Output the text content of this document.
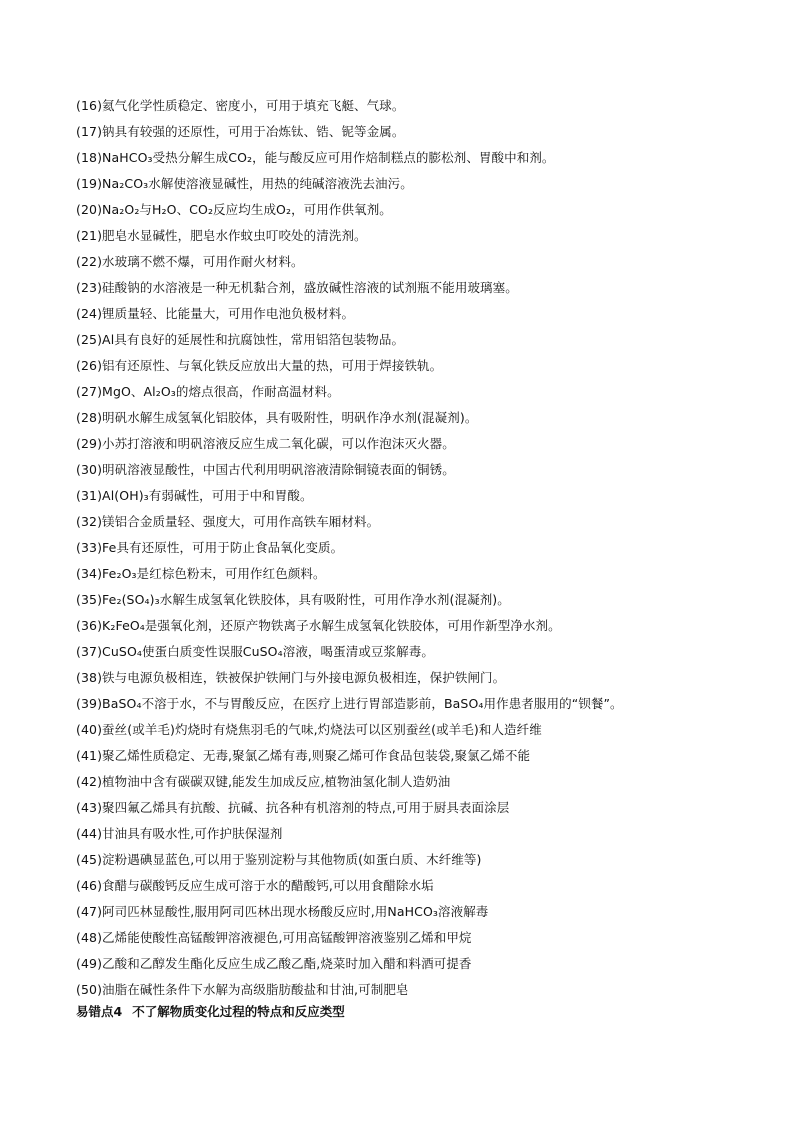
(16)氦气化学性质稳定、密度小，可用于填充飞艇、气球。
(17)钠具有较强的还原性，可用于冶炼钛、锆、铌等金属。
(18)NaHCO₃受热分解生成CO₂，能与酸反应可用作焙制糕点的膨松剂、胃酸中和剂。
(19)Na₂CO₃水解使溶液显碱性，用热的纯碱溶液洗去油污。
(20)Na₂O₂与H₂O、CO₂反应均生成O₂，可用作供氧剂。
(21)肥皂水显碱性，肥皂水作蚊虫叮咬处的清洗剂。
(22)水玻璃不燃不爆，可用作耐火材料。
(23)硅酸钠的水溶液是一种无机黏合剂，盛放碱性溶液的试剂瓶不能用玻璃塞。
(24)锂质量轻、比能量大，可用作电池负极材料。
(25)Al具有良好的延展性和抗腐蚀性，常用铝箔包装物品。
(26)铝有还原性、与氧化铁反应放出大量的热，可用于焊接铁轨。
(27)MgO、Al₂O₃的熔点很高，作耐高温材料。
(28)明矾水解生成氢氧化铝胶体，具有吸附性，明矾作净水剂(混凝剂)。
(29)小苏打溶液和明矾溶液反应生成二氧化碳，可以作泡沫灭火器。
(30)明矾溶液显酸性，中国古代利用明矾溶液清除铜镜表面的铜锈。
(31)Al(OH)₃有弱碱性，可用于中和胃酸。
(32)镁铝合金质量轻、强度大，可用作高铁车厢材料。
(33)Fe具有还原性，可用于防止食品氧化变质。
(34)Fe₂O₃是红棕色粉末，可用作红色颜料。
(35)Fe₂(SO₄)₃水解生成氢氧化铁胶体，具有吸附性，可用作净水剂(混凝剂)。
(36)K₂FeO₄是强氧化剂，还原产物铁离子水解生成氢氧化铁胶体，可用作新型净水剂。
(37)CuSO₄使蛋白质变性误服CuSO₄溶液，喝蛋清或豆浆解毒。
(38)铁与电源负极相连，铁被保护铁闸门与外接电源负极相连，保护铁闸门。
(39)BaSO₄不溶于水，不与胃酸反应，在医疗上进行胃部造影前，BaSO₄用作患者服用的“钡餐”。
(40)蚕丝(或羊毛)灼烧时有烧焦羽毛的气味,灼烧法可以区别蚕丝(或羊毛)和人造纤维
(41)聚乙烯性质稳定、无毒,聚氯乙烯有毒,则聚乙烯可作食品包装袋,聚氯乙烯不能
(42)植物油中含有碳碳双键,能发生加成反应,植物油氢化制人造奶油
(43)聚四氟乙烯具有抗酸、抗碱、抗各种有机溶剂的特点,可用于厨具表面涂层
(44)甘油具有吸水性,可作护肤保湿剂
(45)淀粉遇碘显蓝色,可以用于鉴别淀粉与其他物质(如蛋白质、木纤维等)
(46)食醋与碳酸钙反应生成可溶于水的醋酸钙,可以用食醋除水垢
(47)阿司匹林显酸性,服用阿司匹林出现水杨酸反应时,用NaHCO₃溶液解毒
(48)乙烯能使酸性高锰酸钾溶液褪色,可用高锰酸钾溶液鉴别乙烯和甲烷
(49)乙酸和乙醇发生酯化反应生成乙酸乙酯,烧菜时加入醋和料酒可提香
(50)油脂在碱性条件下水解为高级脂肪酸盐和甘油,可制肥皂
易错点4 不了解物质变化过程的特点和反应类型
